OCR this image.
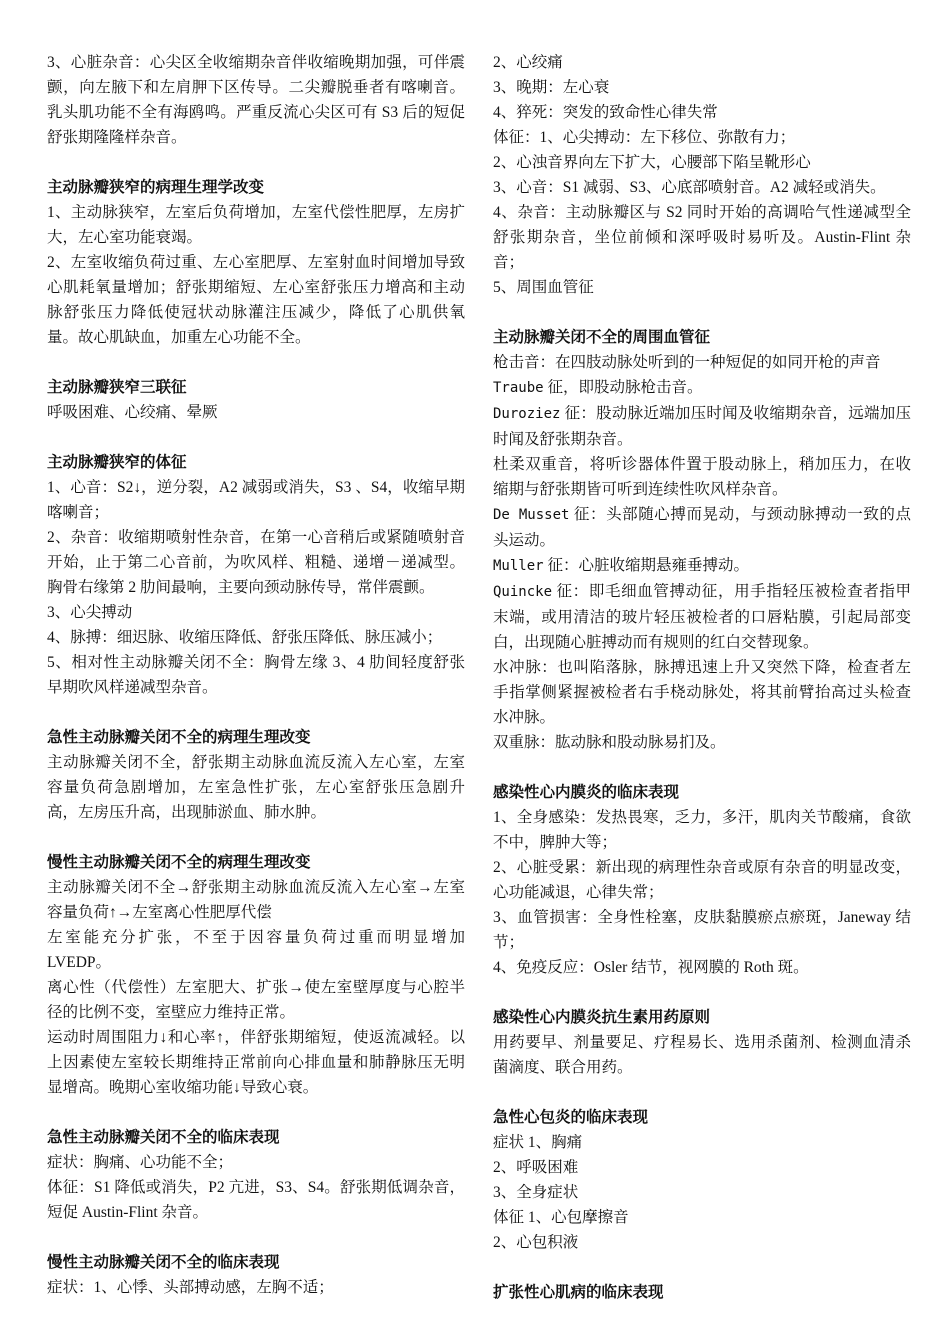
3、心脏杂音：心尖区全收缩期杂音伴收缩晚期加强，可伴震颤，向左腋下和左肩胛下区传导。二尖瓣脱垂者有喀喇音。乳头肌功能不全有海鸥鸣。严重反流心尖区可有 S3 后的短促舒张期隆隆样杂音。

主动脉瓣狭窄的病理生理学改变

1、主动脉狭窄，左室后负荷增加，左室代偿性肥厚，左房扩大，左心室功能衰竭。

2、左室收缩负荷过重、左心室肥厚、左室射血时间增加导致心肌耗氧量增加；舒张期缩短、左心室舒张压力增高和主动脉舒张压力降低使冠状动脉灌注压减少，降低了心肌供氧量。故心肌缺血，加重左心功能不全。

主动脉瓣狭窄三联征

呼吸困难、心绞痛、晕厥

主动脉瓣狭窄的体征

1、心音：S2↓，逆分裂，A2 减弱或消失，S3 、S4，收缩早期喀喇音；

2、杂音：收缩期喷射性杂音，在第一心音稍后或紧随喷射音开始，止于第二心音前，为吹风样、粗糙、递增－递减型。胸骨右缘第 2 肋间最响，主要向颈动脉传导，常伴震颤。

3、心尖搏动

4、脉搏：细迟脉、收缩压降低、舒张压降低、脉压减小；

5、相对性主动脉瓣关闭不全：胸骨左缘 3、4 肋间轻度舒张早期吹风样递减型杂音。

急性主动脉瓣关闭不全的病理生理改变

主动脉瓣关闭不全，舒张期主动脉血流反流入左心室，左室容量负荷急剧增加，左室急性扩张，左心室舒张压急剧升高，左房压升高，出现肺淤血、肺水肿。

慢性主动脉瓣关闭不全的病理生理改变

主动脉瓣关闭不全→舒张期主动脉血流反流入左心室→左室容量负荷↑→左室离心性肥厚代偿

左室能充分扩张，不至于因容量负荷过重而明显增加 LVEDP。

离心性（代偿性）左室肥大、扩张→使左室壁厚度与心腔半径的比例不变，室壁应力维持正常。

运动时周围阻力↓和心率↑，伴舒张期缩短，使返流减轻。以上因素使左室较长期维持正常前向心排血量和肺静脉压无明显增高。晚期心室收缩功能↓导致心衰。

急性主动脉瓣关闭不全的临床表现

症状：胸痛、心功能不全；

体征：S1 降低或消失，P2 亢进，S3、S4。舒张期低调杂音，短促 Austin-Flint 杂音。

慢性主动脉瓣关闭不全的临床表现

症状：1、心悸、头部搏动感，左胸不适；

2、心绞痛

3、晚期：左心衰

4、猝死：突发的致命性心律失常

体征：1、心尖搏动：左下移位、弥散有力；

2、心浊音界向左下扩大，心腰部下陷呈靴形心

3、心音：S1 减弱、S3、心底部喷射音。A2 减轻或消失。

4、杂音：主动脉瓣区与 S2 同时开始的高调哈气性递减型全舒张期杂音，坐位前倾和深呼吸时易听及。Austin-Flint 杂音；

5、周围血管征

主动脉瓣关闭不全的周围血管征

枪击音：在四肢动脉处听到的一种短促的如同开枪的声音

Traube 征，即股动脉枪击音。

Duroziez 征：股动脉近端加压时闻及收缩期杂音，远端加压时闻及舒张期杂音。

杜柔双重音，将听诊器体件置于股动脉上，稍加压力，在收缩期与舒张期皆可听到连续性吹风样杂音。

De Musset 征：头部随心搏而晃动，与颈动脉搏动一致的点头运动。

Muller 征：心脏收缩期悬雍垂搏动。

Quincke 征：即毛细血管搏动征，用手指轻压被检查者指甲末端，或用清洁的玻片轻压被检者的口唇粘膜，引起局部变白，出现随心脏搏动而有规则的红白交替现象。

水冲脉：也叫陷落脉，脉搏迅速上升又突然下降，检查者左手指掌侧紧握被检者右手桡动脉处，将其前臂抬高过头检查水冲脉。

双重脉：肱动脉和股动脉易扪及。

感染性心内膜炎的临床表现

1、全身感染：发热畏寒，乏力，多汗，肌肉关节酸痛，食欲不中，脾肿大等；

2、心脏受累：新出现的病理性杂音或原有杂音的明显改变，心功能减退，心律失常；

3、血管损害：全身性栓塞，皮肤黏膜瘀点瘀斑，Janeway 结节；

4、免疫反应：Osler 结节，视网膜的 Roth 斑。

感染性心内膜炎抗生素用药原则

用药要早、剂量要足、疗程易长、选用杀菌剂、检测血清杀菌滴度、联合用药。

急性心包炎的临床表现

症状 1、胸痛

2、呼吸困难

3、全身症状

体征 1、心包摩擦音

2、心包积液

扩张性心肌病的临床表现
